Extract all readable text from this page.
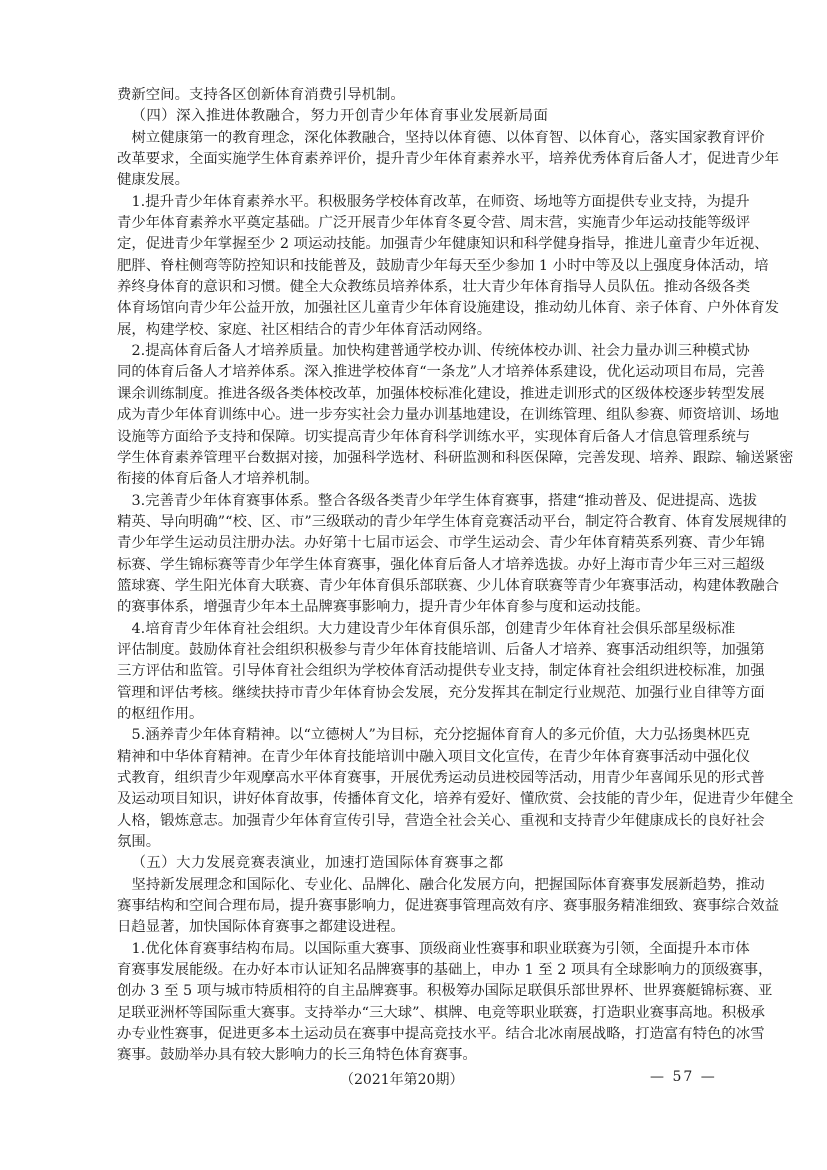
费新空间。支持各区创新体育消费引导机制。
（四）深入推进体教融合，努力开创青少年体育事业发展新局面
树立健康第一的教育理念，深化体教融合，坚持以体育德、以体育智、以体育心，落实国家教育评价
改革要求，全面实施学生体育素养评价，提升青少年体育素养水平，培养优秀体育后备人才，促进青少年
健康发展。
1.提升青少年体育素养水平。积极服务学校体育改革，在师资、场地等方面提供专业支持，为提升
青少年体育素养水平奠定基础。广泛开展青少年体育冬夏令营、周末营，实施青少年运动技能等级评
定，促进青少年掌握至少 2 项运动技能。加强青少年健康知识和科学健身指导，推进儿童青少年近视、
肥胖、脊柱侧弯等防控知识和技能普及，鼓励青少年每天至少参加 1 小时中等及以上强度身体活动，培
养终身体育的意识和习惯。健全大众教练员培养体系，壮大青少年体育指导人员队伍。推动各级各类
体育场馆向青少年公益开放，加强社区儿童青少年体育设施建设，推动幼儿体育、亲子体育、户外体育发
展，构建学校、家庭、社区相结合的青少年体育活动网络。
2.提高体育后备人才培养质量。加快构建普通学校办训、传统体校办训、社会力量办训三种模式协
同的体育后备人才培养体系。深入推进学校体育“一条龙”人才培养体系建设，优化运动项目布局，完善
课余训练制度。推进各级各类体校改革，加强体校标准化建设，推进走训形式的区级体校逐步转型发展
成为青少年体育训练中心。进一步夯实社会力量办训基地建设，在训练管理、组队参赛、师资培训、场地
设施等方面给予支持和保障。切实提高青少年体育科学训练水平，实现体育后备人才信息管理系统与
学生体育素养管理平台数据对接，加强科学选材、科研监测和科医保障，完善发现、培养、跟踪、输送紧密
衔接的体育后备人才培养机制。
3.完善青少年体育赛事体系。整合各级各类青少年学生体育赛事，搭建“推动普及、促进提高、选拔
精英、导向明确”“校、区、市”三级联动的青少年学生体育竞赛活动平台，制定符合教育、体育发展规律的
青少年学生运动员注册办法。办好第十七届市运会、市学生运动会、青少年体育精英系列赛、青少年锦
标赛、学生锦标赛等青少年学生体育赛事，强化体育后备人才培养选拔。办好上海市青少年三对三超级
篮球赛、学生阳光体育大联赛、青少年体育俱乐部联赛、少儿体育联赛等青少年赛事活动，构建体教融合
的赛事体系，增强青少年本土品牌赛事影响力，提升青少年体育参与度和运动技能。
4.培育青少年体育社会组织。大力建设青少年体育俱乐部，创建青少年体育社会俱乐部星级标准
评估制度。鼓励体育社会组织积极参与青少年体育技能培训、后备人才培养、赛事活动组织等，加强第
三方评估和监管。引导体育社会组织为学校体育活动提供专业支持，制定体育社会组织进校标准，加强
管理和评估考核。继续扶持市青少年体育协会发展，充分发挥其在制定行业规范、加强行业自律等方面
的枢纽作用。
5.涵养青少年体育精神。以“立德树人”为目标，充分挖掘体育育人的多元价值，大力弘扬奥林匹克
精神和中华体育精神。在青少年体育技能培训中融入项目文化宣传，在青少年体育赛事活动中强化仪
式教育，组织青少年观摩高水平体育赛事，开展优秀运动员进校园等活动，用青少年喜闻乐见的形式普
及运动项目知识，讲好体育故事，传播体育文化，培养有爱好、懂欣赏、会技能的青少年，促进青少年健全
人格，锻炼意志。加强青少年体育宣传引导，营造全社会关心、重视和支持青少年健康成长的良好社会
氛围。
（五）大力发展竞赛表演业，加速打造国际体育赛事之都
坚持新发展理念和国际化、专业化、品牌化、融合化发展方向，把握国际体育赛事发展新趋势，推动
赛事结构和空间合理布局，提升赛事影响力，促进赛事管理高效有序、赛事服务精准细致、赛事综合效益
日趋显著，加快国际体育赛事之都建设进程。
1.优化体育赛事结构布局。以国际重大赛事、顶级商业性赛事和职业联赛为引领，全面提升本市体
育赛事发展能级。在办好本市认证知名品牌赛事的基础上，申办 1 至 2 项具有全球影响力的顶级赛事，
创办 3 至 5 项与城市特质相符的自主品牌赛事。积极筹办国际足联俱乐部世界杯、世界赛艇锦标赛、亚
足联亚洲杯等国际重大赛事。支持举办“三大球”、棋牌、电竞等职业联赛，打造职业赛事高地。积极承
办专业性赛事，促进更多本土运动员在赛事中提高竞技水平。结合北冰南展战略，打造富有特色的冰雪
赛事。鼓励举办具有较大影响力的长三角特色体育赛事。
（2021年第20期）	— 57 —
